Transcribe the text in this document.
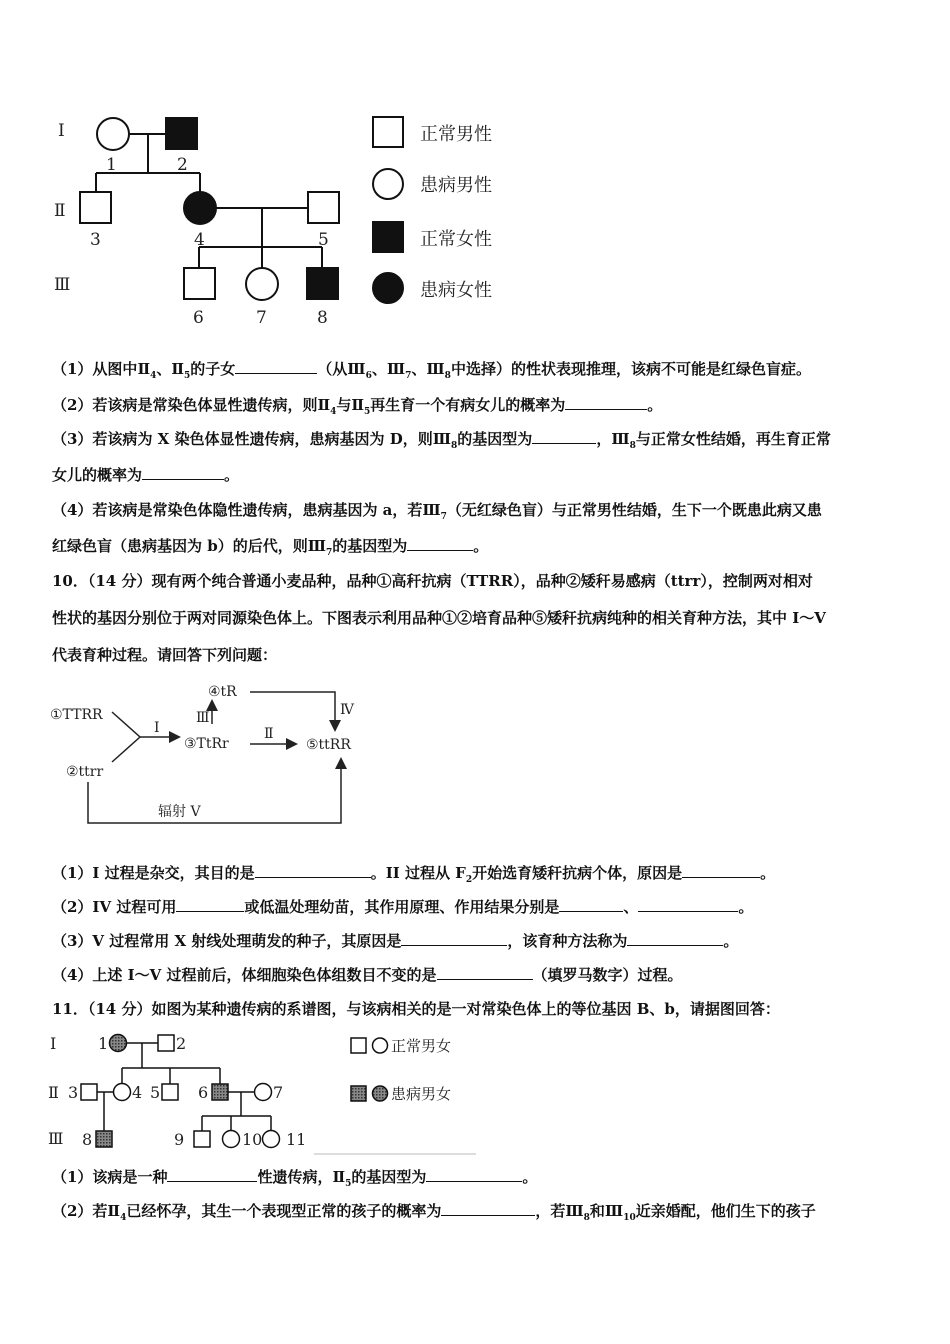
I
Ⅱ
Ⅲ
1	2
3	4	5
6	7	8
正常男性
患病男性
正常女性
患病女性
（1）从图中$Ⅱ_4$、$Ⅱ_5$的子女	（从$Ⅲ_6$、$Ⅲ_7$、$Ⅲ_8$中选择）的性状表现推理，该病不可能是红绿色盲症。
（2）若该病是常染色体显性遗传病，则$Ⅱ_4$与$Ⅱ_5$再生育一个有病女儿的概率为	。
（3）若该病为 X 染色体显性遗传病，患病基因为 D，则$Ⅲ_8$的基因型为	，$Ⅲ_8$与正常女性结婚，再生育正常
女儿的概率为	。
（4）若该病是常染色体隐性遗传病，患病基因为 a，若$Ⅲ_7$（无红绿色盲）与正常男性结婚，生下一个既患此病又患
红绿色盲（患病基因为 b）的后代，则$Ⅲ_7$的基因型为	。
10．（14 分）现有两个纯合普通小麦品种，品种①高秆抗病（TTRR），品种②矮秆易感病（ttrr），控制两对相对
性状的基因分别位于两对同源染色体上。下图表示利用品种①②培育品种⑤矮秆抗病纯种的相关育种方法，其中 I～V
代表育种过程。请回答下列问题：
①TTRR
②ttrr
③TtRr
④tR
⑤ttRR
I	Ⅱ
Ⅲ	Ⅳ
辐射 V
（1）I 过程是杂交，其目的是	。II 过程从 $F_2$开始选育矮秆抗病个体，原因是	。
（2）IV 过程可用	或低温处理幼苗，其作用原理、作用结果分别是	、	。
（3）V 过程常用 X 射线处理萌发的种子，其原因是	，该育种方法称为	。
（4）上述 I～V 过程前后，体细胞染色体组数目不变的是	（填罗马数字）过程。
11．（14 分）如图为某种遗传病的系谱图，与该病相关的是一对常染色体上的等位基因 B、b，请据图回答：
I
Ⅱ
Ⅲ
1	2
3	4 5 6	7
8	9	10 11
正常男女
患病男女
（1）该病是一种	性遗传病，$Ⅱ_5$的基因型为	。
（2）若$Ⅱ_4$已经怀孕，其生一个表现型正常的孩子的概率为	，若$Ⅲ_8$和$Ⅲ_{10}$近亲婚配，他们生下的孩子
